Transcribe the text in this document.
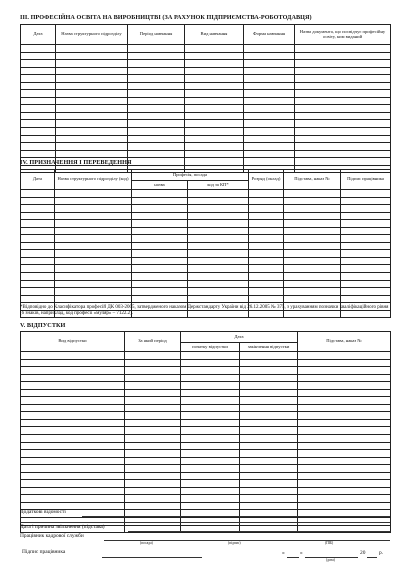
ІІІ. ПРОФЕСІЙНА ОСВІТА НА ВИРОБНИЦТВІ (ЗА РАХУНОК ПІДПРИЄМСТВА-РОБОТОДАВЦЯ)
Дата	Назва структурного підрозділу	Період навчання	Вид навчання	Форма навчання	Назва документа, що посвідчує професійну освіту, ким виданий

IV. ПРИЗНАЧЕННЯ І ПЕРЕВЕДЕННЯ
Дата	Назва структурного підрозділу (код)	Професія, посада		Розряд (оклад)	Підстава, наказ №	Підпис працівника
		назва	код за КП*			

*Відповідно до Класифікатора професій ДК 003-2005, затвердженого наказом Держстандарту України від 26.12.2005 № 375, з урахуванням позначки кваліфікаційного рівня (6 знаків, наприклад, код професії «муляр» – 7122.2).
V. ВІДПУСТКИ
Вид відпустки	За який період	Дата		Підстава, наказ №
		початку відпустки	закінчення відпустки	

Додаткові відомості
Дата і причина звільнення (підстава)
Працівник кадрової служби
(посада)	(підпис)	(ПІБ)
Підпис працівника	«	»	20	р.
(дата)
